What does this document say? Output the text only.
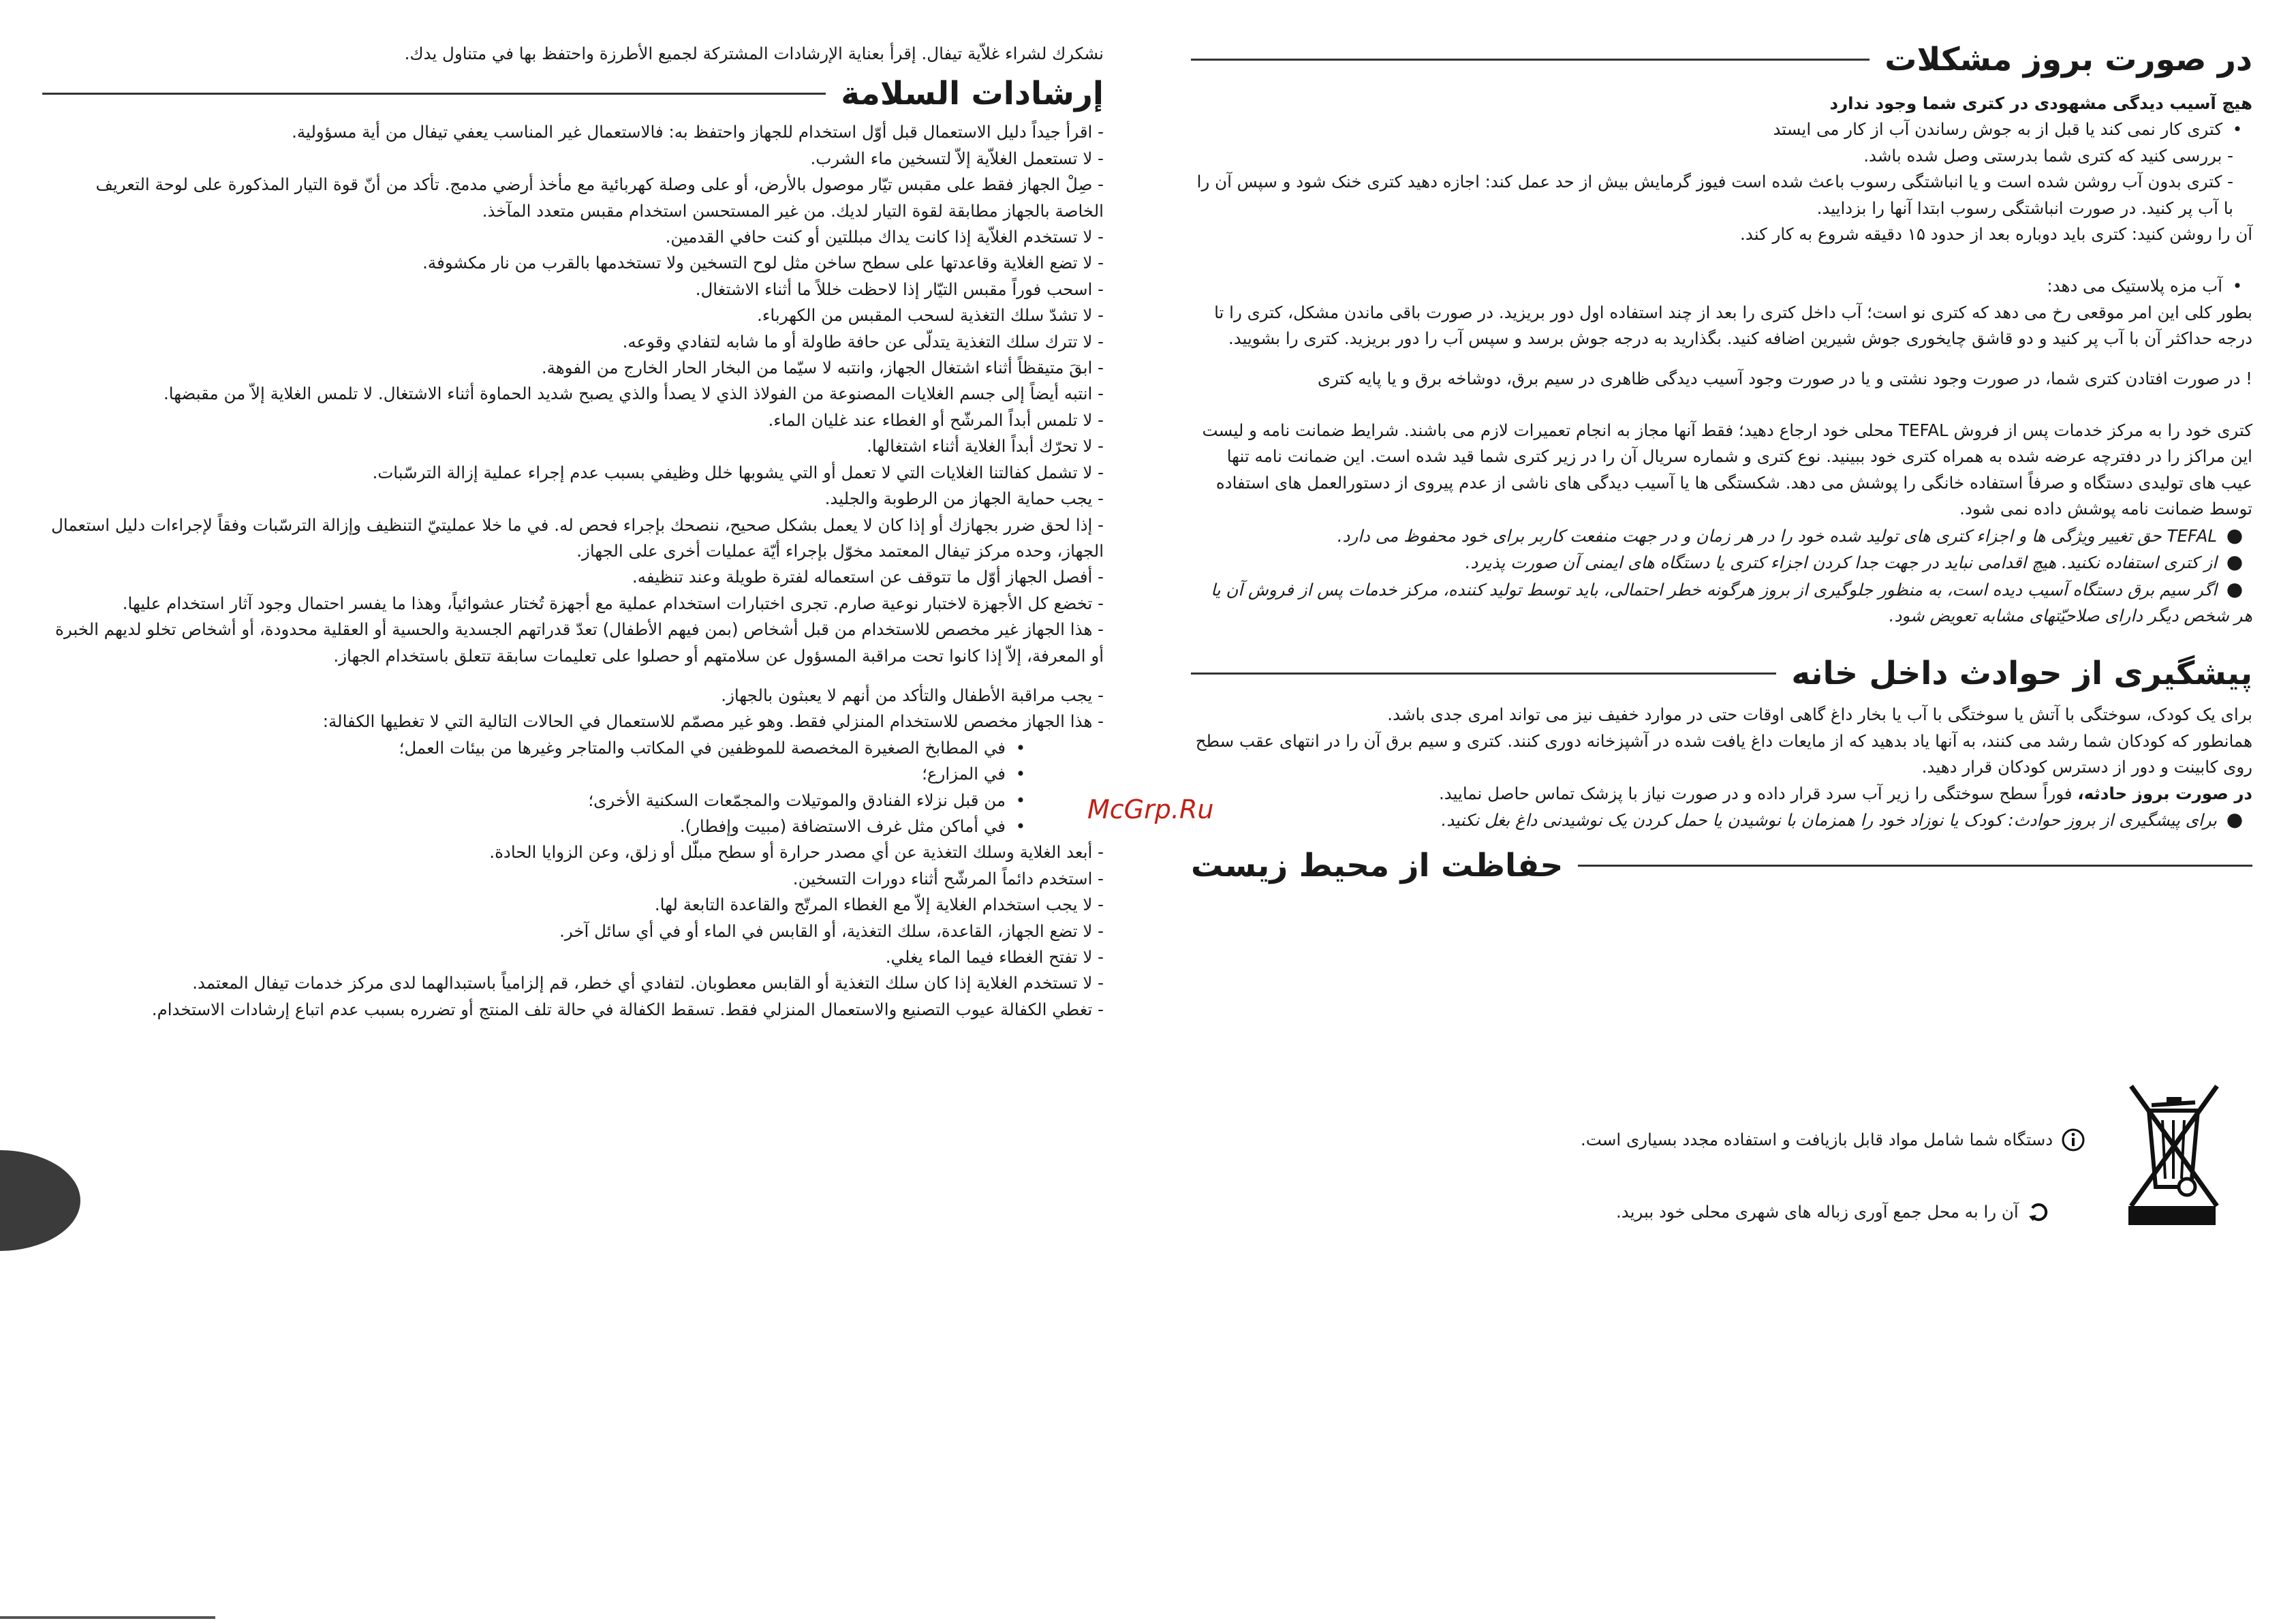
نشكرك لشراء غلاّية تيفال. إقرأ بعناية الإرشادات المشتركة لجميع الأطرزة واحتفظ بها في متناول يدك.

إرشادات السلامة

- اقرأ جيداً دليل الاستعمال قبل أوّل استخدام للجهاز واحتفظ به: فالاستعمال غير المناسب يعفي تيفال من أية مسؤولية.

- لا تستعمل الغلاّية إلاّ لتسخين ماء الشرب.

- صِلْ الجهاز فقط على مقبس تيّار موصول بالأرض، أو على وصلة كهربائية مع مأخذ أرضي مدمج. تأكد من أنّ قوة التيار المذكورة على لوحة التعريف الخاصة بالجهاز مطابقة لقوة التيار لديك. من غير المستحسن استخدام مقبس متعدد المآخذ.

- لا تستخدم الغلاّية إذا كانت يداك مبللتين أو كنت حافي القدمين.

- لا تضع الغلاية وقاعدتها على سطح ساخن مثل لوح التسخين ولا تستخدمها بالقرب من نار مكشوفة.

- اسحب فوراً مقبس التيّار إذا لاحظت خللاً ما أثناء الاشتغال.

- لا تشدّ سلك التغذية لسحب المقبس من الكهرباء.

- لا تترك سلك التغذية يتدلّى عن حافة طاولة أو ما شابه لتفادي وقوعه.

- ابقَ متيقظاً أثناء اشتغال الجهاز، وانتبه لا سيّما من البخار الحار الخارج من الفوهة.

- انتبه أيضاً إلى جسم الغلايات المصنوعة من الفولاذ الذي لا يصدأ والذي يصبح شديد الحماوة أثناء الاشتغال. لا تلمس الغلاية إلاّ من مقبضها.

- لا تلمس أبداً المرشّح أو الغطاء عند غليان الماء.

- لا تحرّك أبداً الغلاية أثناء اشتغالها.

- لا تشمل كفالتنا الغلايات التي لا تعمل أو التي يشوبها خلل وظيفي بسبب عدم إجراء عملية إزالة الترسّبات.

- يجب حماية الجهاز من الرطوبة والجليد.

- إذا لحق ضرر بجهازك أو إذا كان لا يعمل بشكل صحيح، ننصحك بإجراء فحص له. في ما خلا عمليتيّ التنظيف وإزالة الترسّبات وفقاً لإجراءات دليل استعمال الجهاز، وحده مركز تيفال المعتمد مخوّل بإجراء أيّة عمليات أخرى على الجهاز.

- أفصل الجهاز أوّل ما تتوقف عن استعماله لفترة طويلة وعند تنظيفه.

- تخضع كل الأجهزة لاختبار نوعية صارم. تجرى اختبارات استخدام عملية مع أجهزة تُختار عشوائياً، وهذا ما يفسر احتمال وجود آثار استخدام عليها.

- هذا الجهاز غير مخصص للاستخدام من قبل أشخاص (بمن فيهم الأطفال) تعدّ قدراتهم الجسدية والحسية أو العقلية محدودة، أو أشخاص تخلو لديهم الخبرة أو المعرفة، إلاّ إذا كانوا تحت مراقبة المسؤول عن سلامتهم أو حصلوا على تعليمات سابقة تتعلق باستخدام الجهاز.

- يجب مراقبة الأطفال والتأكد من أنهم لا يعبثون بالجهاز.

- هذا الجهاز مخصص للاستخدام المنزلي فقط. وهو غير مصمّم للاستعمال في الحالات التالية التي لا تغطيها الكفالة:

•في المطابخ الصغيرة المخصصة للموظفين في المكاتب والمتاجر وغيرها من بيئات العمل؛

•في المزارع؛

•من قبل نزلاء الفنادق والموتيلات والمجمّعات السكنية الأخرى؛

•في أماكن مثل غرف الاستضافة (مبيت وإفطار).

- أبعد الغلاية وسلك التغذية عن أي مصدر حرارة أو سطح مبلّل أو زلق، وعن الزوايا الحادة.

- استخدم دائماً المرشّح أثناء دورات التسخين.

- لا يجب استخدام الغلاية إلاّ مع الغطاء المرتّج والقاعدة التابعة لها.

- لا تضع الجهاز، القاعدة، سلك التغذية، أو القابس في الماء أو في أي سائل آخر.

- لا تفتح الغطاء فيما الماء يغلي.

- لا تستخدم الغلاية إذا كان سلك التغذية أو القابس معطوبان. لتفادي أي خطر، قم إلزامياً باستبدالهما لدى مركز خدمات تيفال المعتمد.

- تغطي الكفالة عيوب التصنيع والاستعمال المنزلي فقط. تسقط الكفالة في حالة تلف المنتج أو تضرره بسبب عدم اتباع إرشادات الاستخدام.

در صورت بروز مشکلات

هیچ آسیب دیدگی مشهودی در کتری شما وجود ندارد

•کتری کار نمی کند یا قبل از به جوش رساندن آب از کار می ایستد

- بررسی کنید که کتری شما بدرستی وصل شده باشد.

- کتری بدون آب روشن شده است و یا انباشتگی رسوب باعث شده است فیوز گرمایش بیش از حد عمل کند: اجازه دهید کتری خنک شود و سپس آن را با آب پر کنید. در صورت انباشتگی رسوب ابتدا آنها را بزدایید.

آن را روشن کنید: کتری باید دوباره بعد از حدود ۱۵ دقیقه شروع به کار کند.

•آب مزه پلاستیک می دهد:

بطور کلی این امر موقعی رخ می دهد که کتری نو است؛ آب داخل کتری را بعد از چند استفاده اول دور بریزید. در صورت باقی ماندن مشکل، کتری را تا درجه حداکثر آن با آب پر کنید و دو قاشق چایخوری جوش شیرین اضافه کنید. بگذارید به درجه جوش برسد و سپس آب را دور بریزید. کتری را بشویید.

! در صورت افتادن کتری شما، در صورت وجود نشتی و یا در صورت وجود آسیب دیدگی ظاهری در سیم برق، دوشاخه برق و یا پایه کتری

کتری خود را به مرکز خدمات پس از فروش TEFAL محلی خود ارجاع دهید؛ فقط آنها مجاز به انجام تعمیرات لازم می باشند. شرایط ضمانت نامه و لیست این مراکز را در دفترچه عرضه شده به همراه کتری خود ببینید. نوع کتری و شماره سریال آن را در زیر کتری شما قید شده است. این ضمانت نامه تنها عیب های تولیدی دستگاه و صرفاً استفاده خانگی را پوشش می دهد. شکستگی ها یا آسیب دیدگی های ناشی از عدم پیروی از دستورالعمل های استفاده توسط ضمانت نامه پوشش داده نمی شود.

●TEFAL حق تغییر ویژگی ها و اجزاء کتری های تولید شده خود را در هر زمان و در جهت منفعت کاربر برای خود محفوظ می دارد.

●از کتری استفاده نکنید. هیچ اقدامی نباید در جهت جدا کردن اجزاء کتری یا دستگاه های ایمنی آن صورت پذیرد.

●اگر سیم برق دستگاه آسیب دیده است، به منظور جلوگیری از بروز هرگونه خطر احتمالی، باید توسط تولید کننده، مرکز خدمات پس از فروش آن یا هر شخص دیگر دارای صلاحیّتهای مشابه تعویض شود.

پیشگیری از حوادث داخل خانه

برای یک کودک، سوختگی با آتش یا سوختگی با آب یا بخار داغ گاهی اوقات حتی در موارد خفیف نیز می تواند امری جدی باشد.

همانطور که کودکان شما رشد می کنند، به آنها یاد بدهید که از مایعات داغ یافت شده در آشپزخانه دوری کنند. کتری و سیم برق آن را در انتهای عقب سطح روی کابینت و دور از دسترس کودکان قرار دهید.

در صورت بروز حادثه، فوراً سطح سوختگی را زیر آب سرد قرار داده و در صورت نیاز با پزشک تماس حاصل نمایید.

●برای پیشگیری از بروز حوادث: کودک یا نوزاد خود را همزمان با نوشیدن یا حمل کردن یک نوشیدنی داغ بغل نکنید.

حفاظت از محیط زیست
دستگاه شما شامل مواد قابل بازیافت و استفاده مجدد بسیاری است.
آن را به محل جمع آوری زباله های شهری محلی خود ببرید.
McGrp.Ru
